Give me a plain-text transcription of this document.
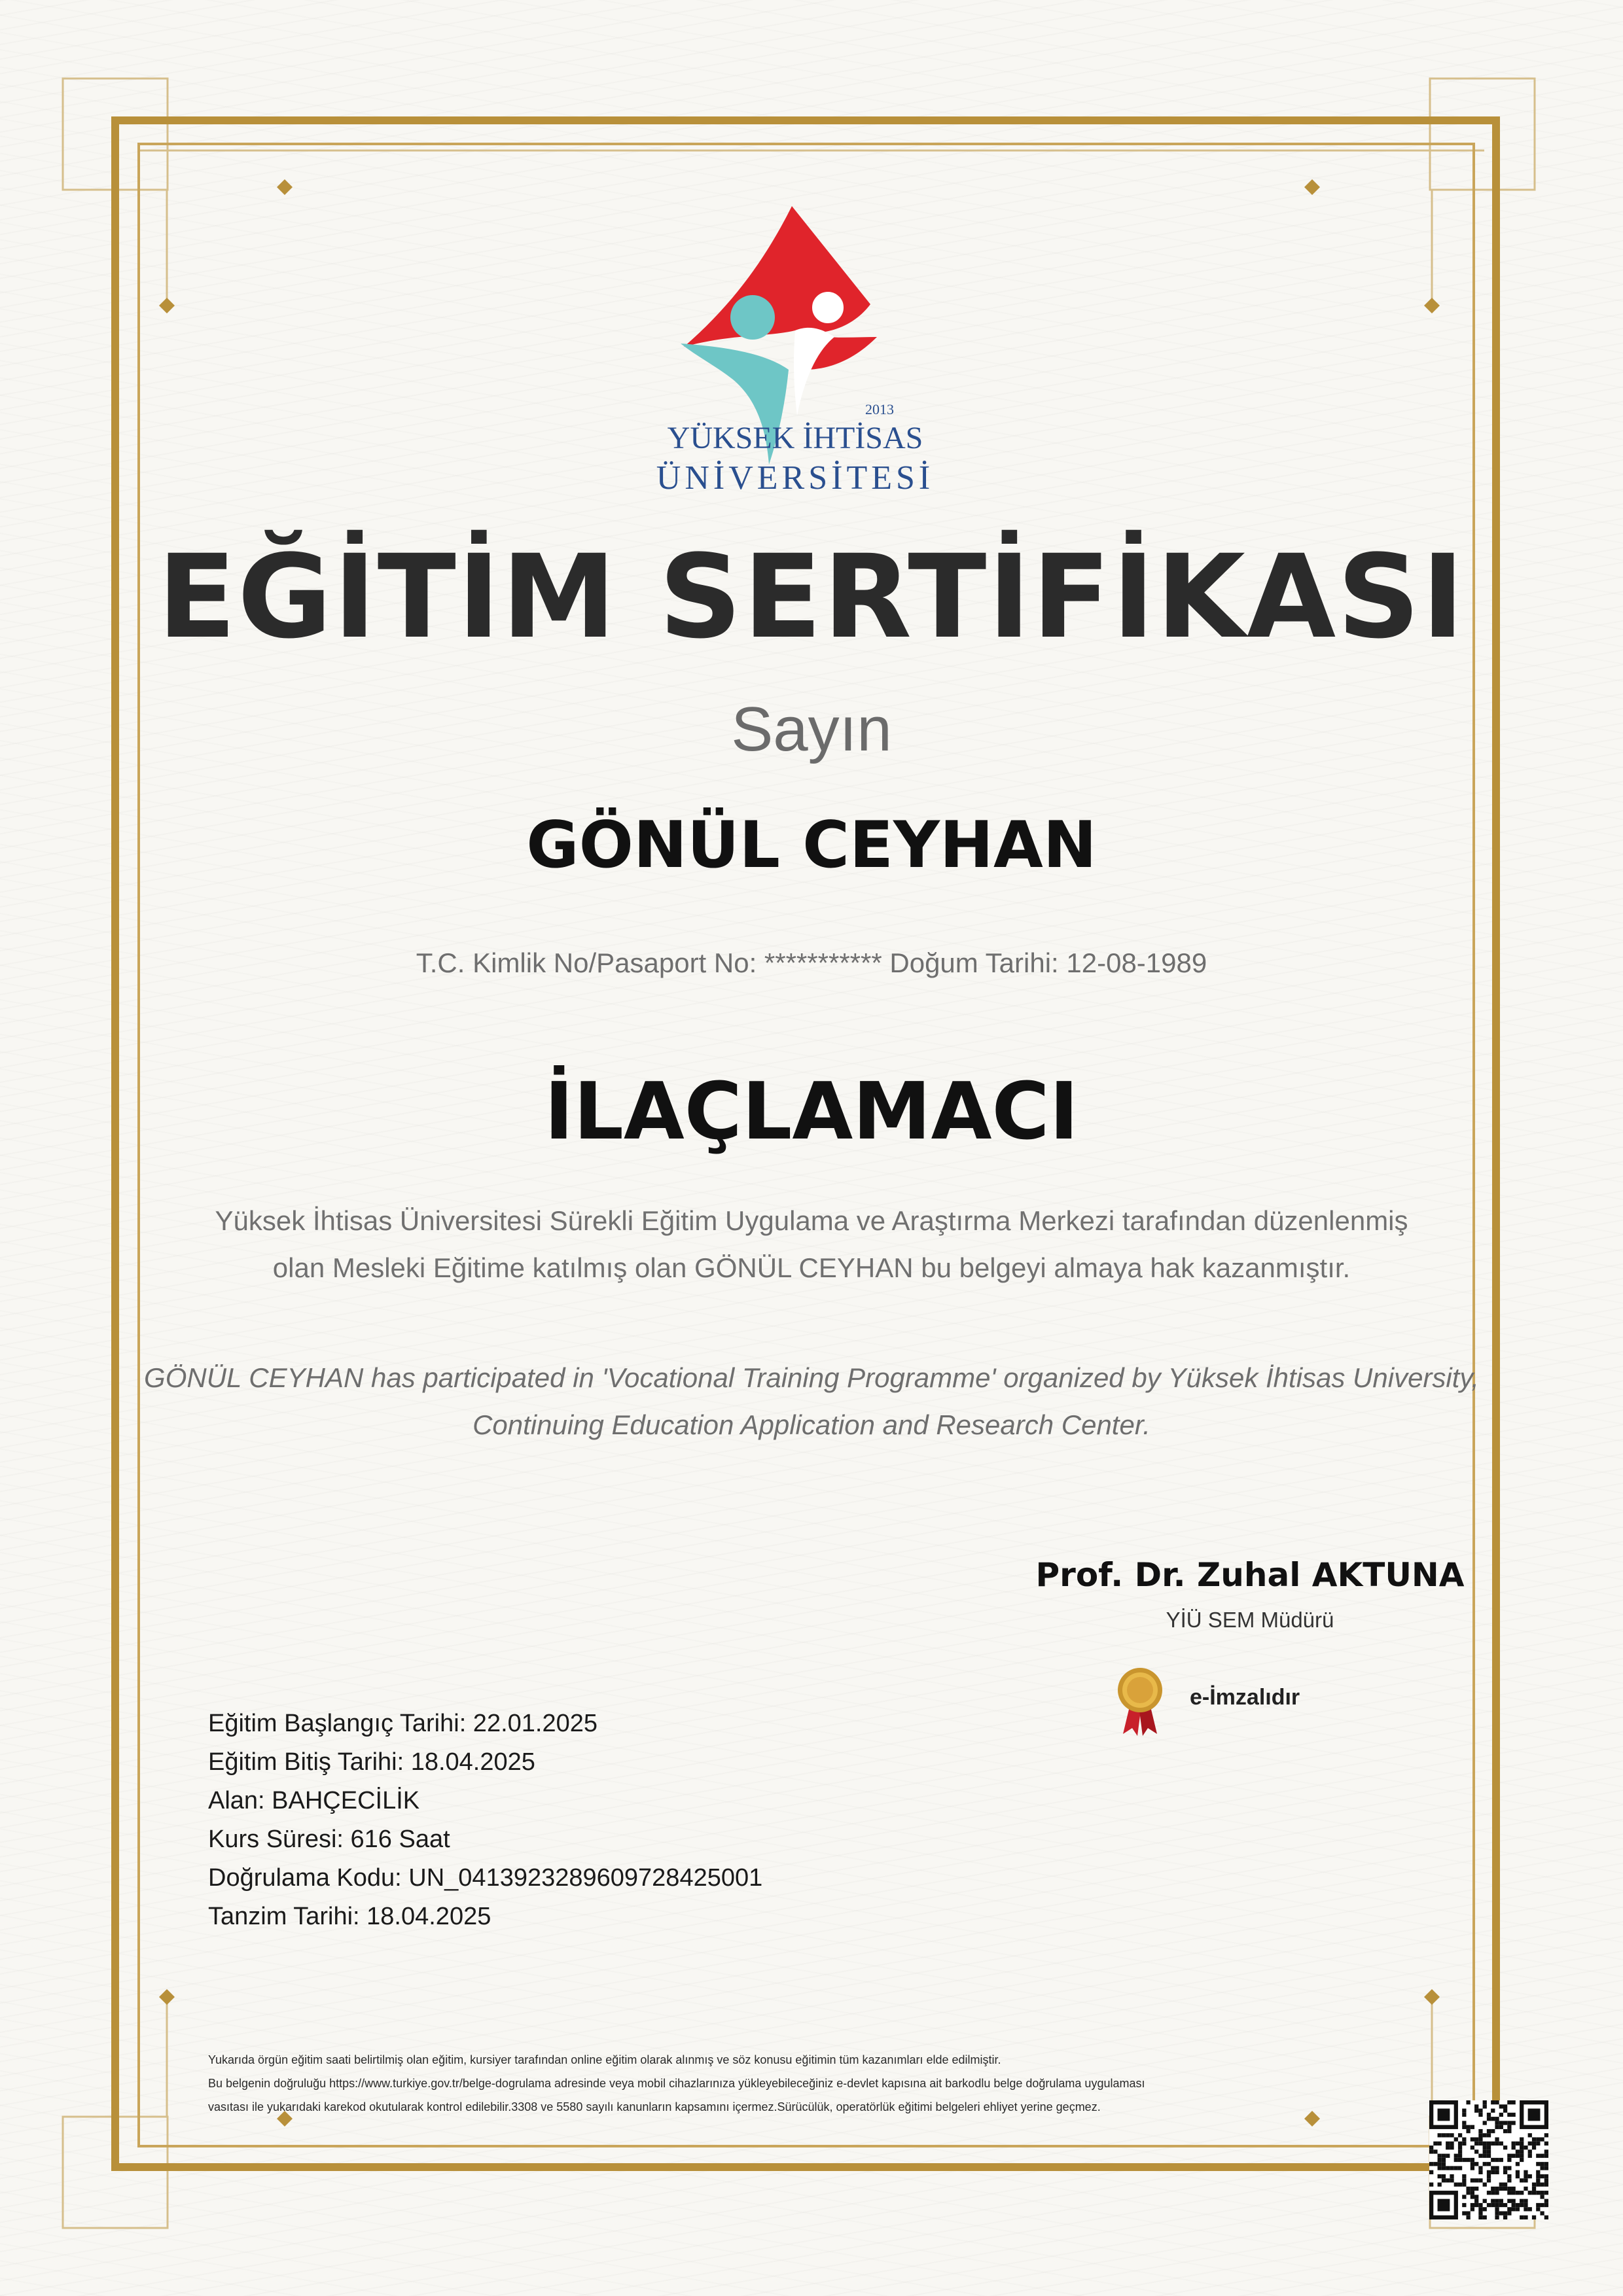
2013
YÜKSEK İHTİSAS
ÜNİVERSİTESİ
EĞİTİM SERTİFİKASI
Sayın
GÖNÜL CEYHAN
T.C. Kimlik No/Pasaport No: *********** Doğum Tarihi: 12-08-1989
İLAÇLAMACI
Yüksek İhtisas Üniversitesi Sürekli Eğitim Uygulama ve Araştırma Merkezi tarafından düzenlenmiş
olan Mesleki Eğitime katılmış olan GÖNÜL CEYHAN bu belgeyi almaya hak kazanmıştır.
GÖNÜL CEYHAN has participated in 'Vocational Training Programme' organized by Yüksek İhtisas University,
Continuing Education Application and Research Center.
Prof. Dr. Zuhal AKTUNA
YİÜ SEM Müdürü
e-İmzalıdır
Eğitim Başlangıç Tarihi: 22.01.2025
Eğitim Bitiş Tarihi: 18.04.2025
Alan: BAHÇECİLİK
Kurs Süresi: 616 Saat
Doğrulama Kodu: UN_0413923289609728425001
Tanzim Tarihi: 18.04.2025
Yukarıda örgün eğitim saati belirtilmiş olan eğitim, kursiyer tarafından online eğitim olarak alınmış ve söz konusu eğitimin tüm kazanımları elde edilmiştir.
Bu belgenin doğruluğu https://www.turkiye.gov.tr/belge-dogrulama adresinde veya mobil cihazlarınıza yükleyebileceğiniz e-devlet kapısına ait barkodlu belge doğrulama uygulaması
vasıtası ile yukarıdaki karekod okutularak kontrol edilebilir.3308 ve 5580 sayılı kanunların kapsamını içermez.Sürücülük, operatörlük eğitimi belgeleri ehliyet yerine geçmez.
